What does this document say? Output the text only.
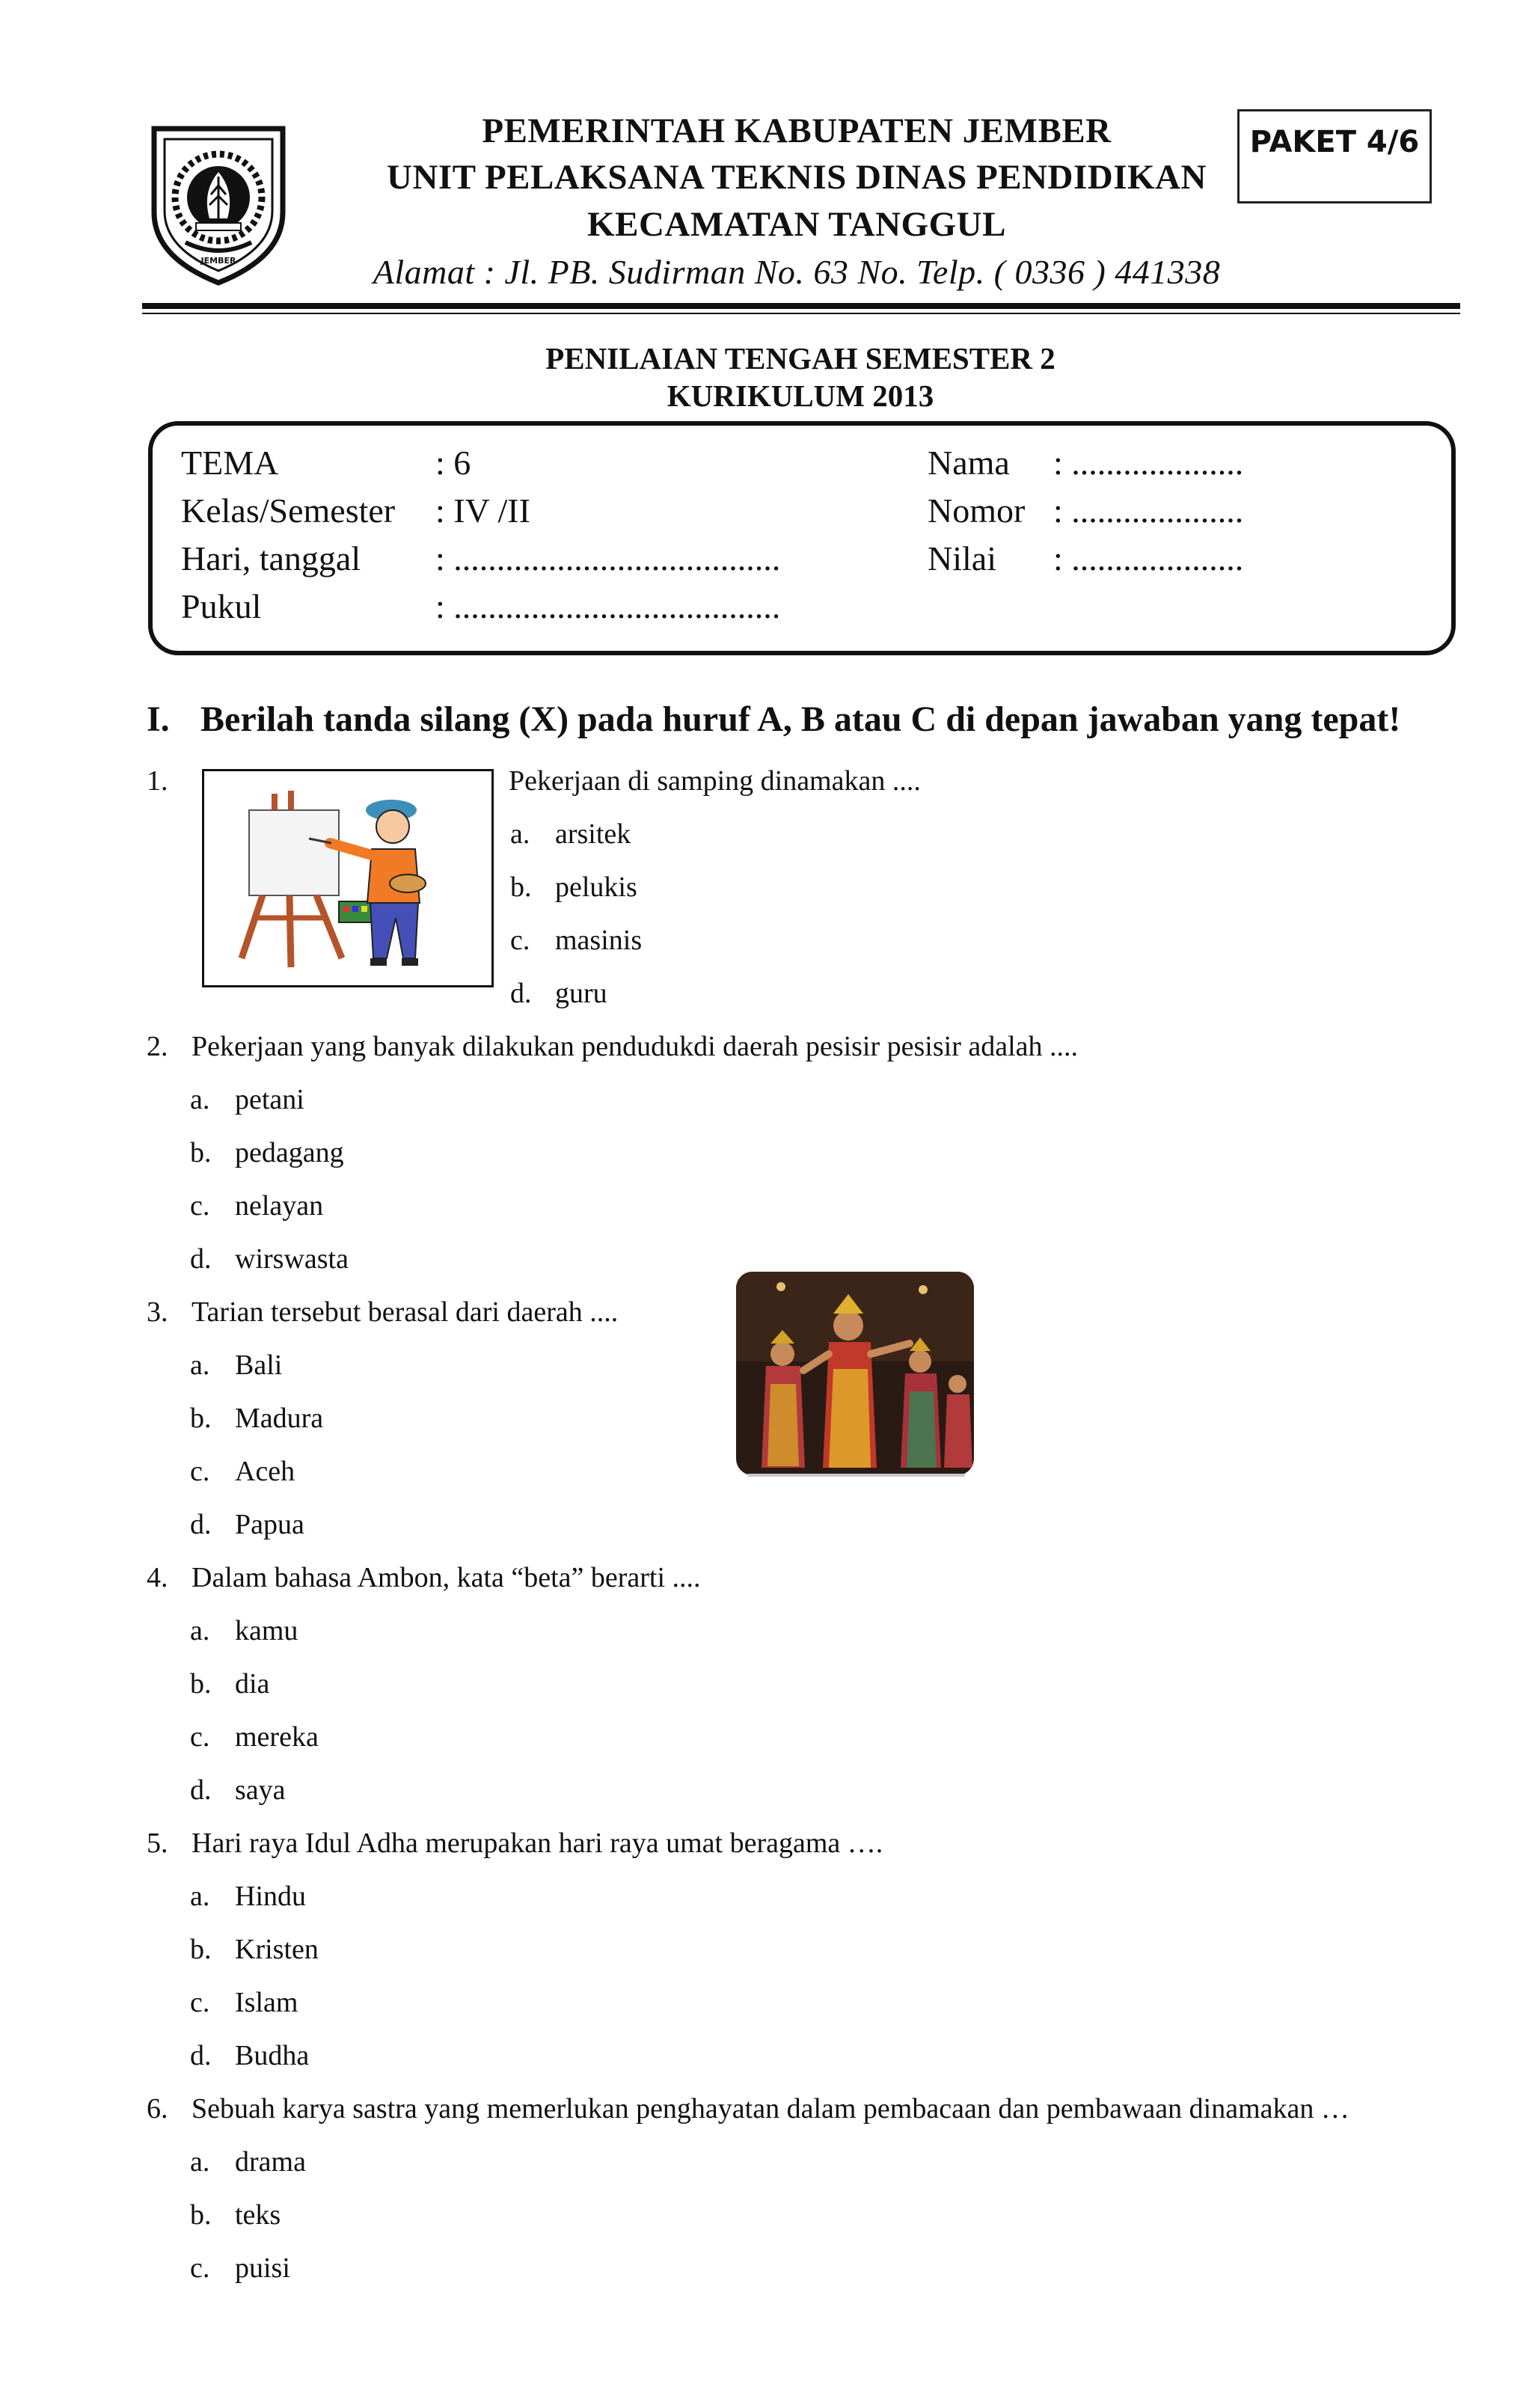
JEMBER
PEMERINTAH KABUPATEN JEMBER
UNIT PELAKSANA TEKNIS DINAS PENDIDIKAN
KECAMATAN TANGGUL
Alamat : Jl. PB. Sudirman No. 63 No. Telp. ( 0336 ) 441338
PAKET 4/6
PENILAIAN TENGAH SEMESTER 2
KURIKULUM 2013
TEMA	: 6
Kelas/Semester : IV /II
Hari, tanggal : ......................................
Pukul	: ......................................
Nama : ....................
Nomor : ....................
Nilai : ....................
I. Berilah tanda silang (X) pada huruf A, B atau C di depan jawaban yang tepat!
1.	Pekerjaan di samping dinamakan ....
a. arsitek
b. pelukis
c. masinis
d. guru
2. Pekerjaan yang banyak dilakukan pendudukdi daerah pesisir pesisir adalah ....
a. petani
b. pedagang
c. nelayan
d. wirswasta
3. Tarian tersebut berasal dari daerah ....
a. Bali
b. Madura
c. Aceh
d. Papua
4. Dalam bahasa Ambon, kata “beta” berarti ....
a. kamu
b. dia
c. mereka
d. saya
5. Hari raya Idul Adha merupakan hari raya umat beragama ….
a. Hindu
b. Kristen
c. Islam
d. Budha
6. Sebuah karya sastra yang memerlukan penghayatan dalam pembacaan dan pembawaan dinamakan …
a. drama
b. teks
c. puisi
